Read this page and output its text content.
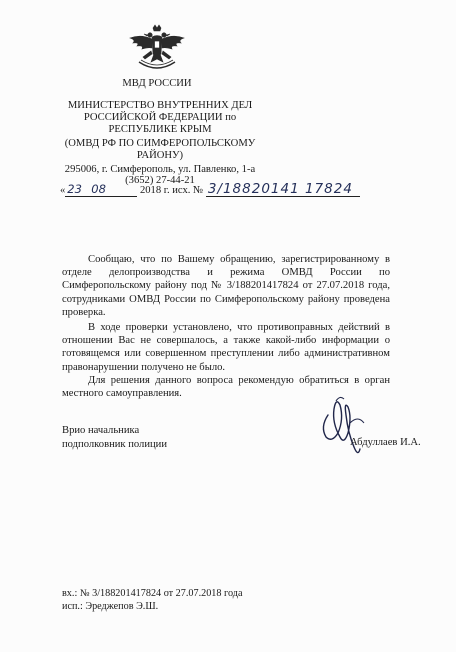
МВД РОССИИ
МИНИСТЕРСТВО ВНУТРЕННИХ ДЕЛ
РОССИЙСКОЙ ФЕДЕРАЦИИ по
РЕСПУБЛИКЕ КРЫМ
(ОМВД РФ ПО СИМФЕРОПОЛЬСКОМУ
РАЙОНУ)
295006, г. Симферополь, ул. Павленко, 1-а
(3652) 27-44-21
« 23 08	2018 г. исх. № 3/18820141 17824

Сообщаю, что по Вашему обращению, зарегистрированному в отделе делопроизводства и режима ОМВД России по Симферопольскому району под № 3/188201417824 от 27.07.2018 года, сотрудниками ОМВД России по Симферопольскому району проведена проверка.

В ходе проверки установлено, что противоправных действий в отношении Вас не совершалось, а также какой-либо информации о готовящемся или совершенном преступлении либо административном правонарушении получено не было.

Для решения данного вопроса рекомендую обратиться в орган местного самоуправления.

Врио начальника
подполковник полиции	Абдуллаев И.А.
вх.: № 3/188201417824 от 27.07.2018 года
исп.: Эреджепов Э.Ш.
